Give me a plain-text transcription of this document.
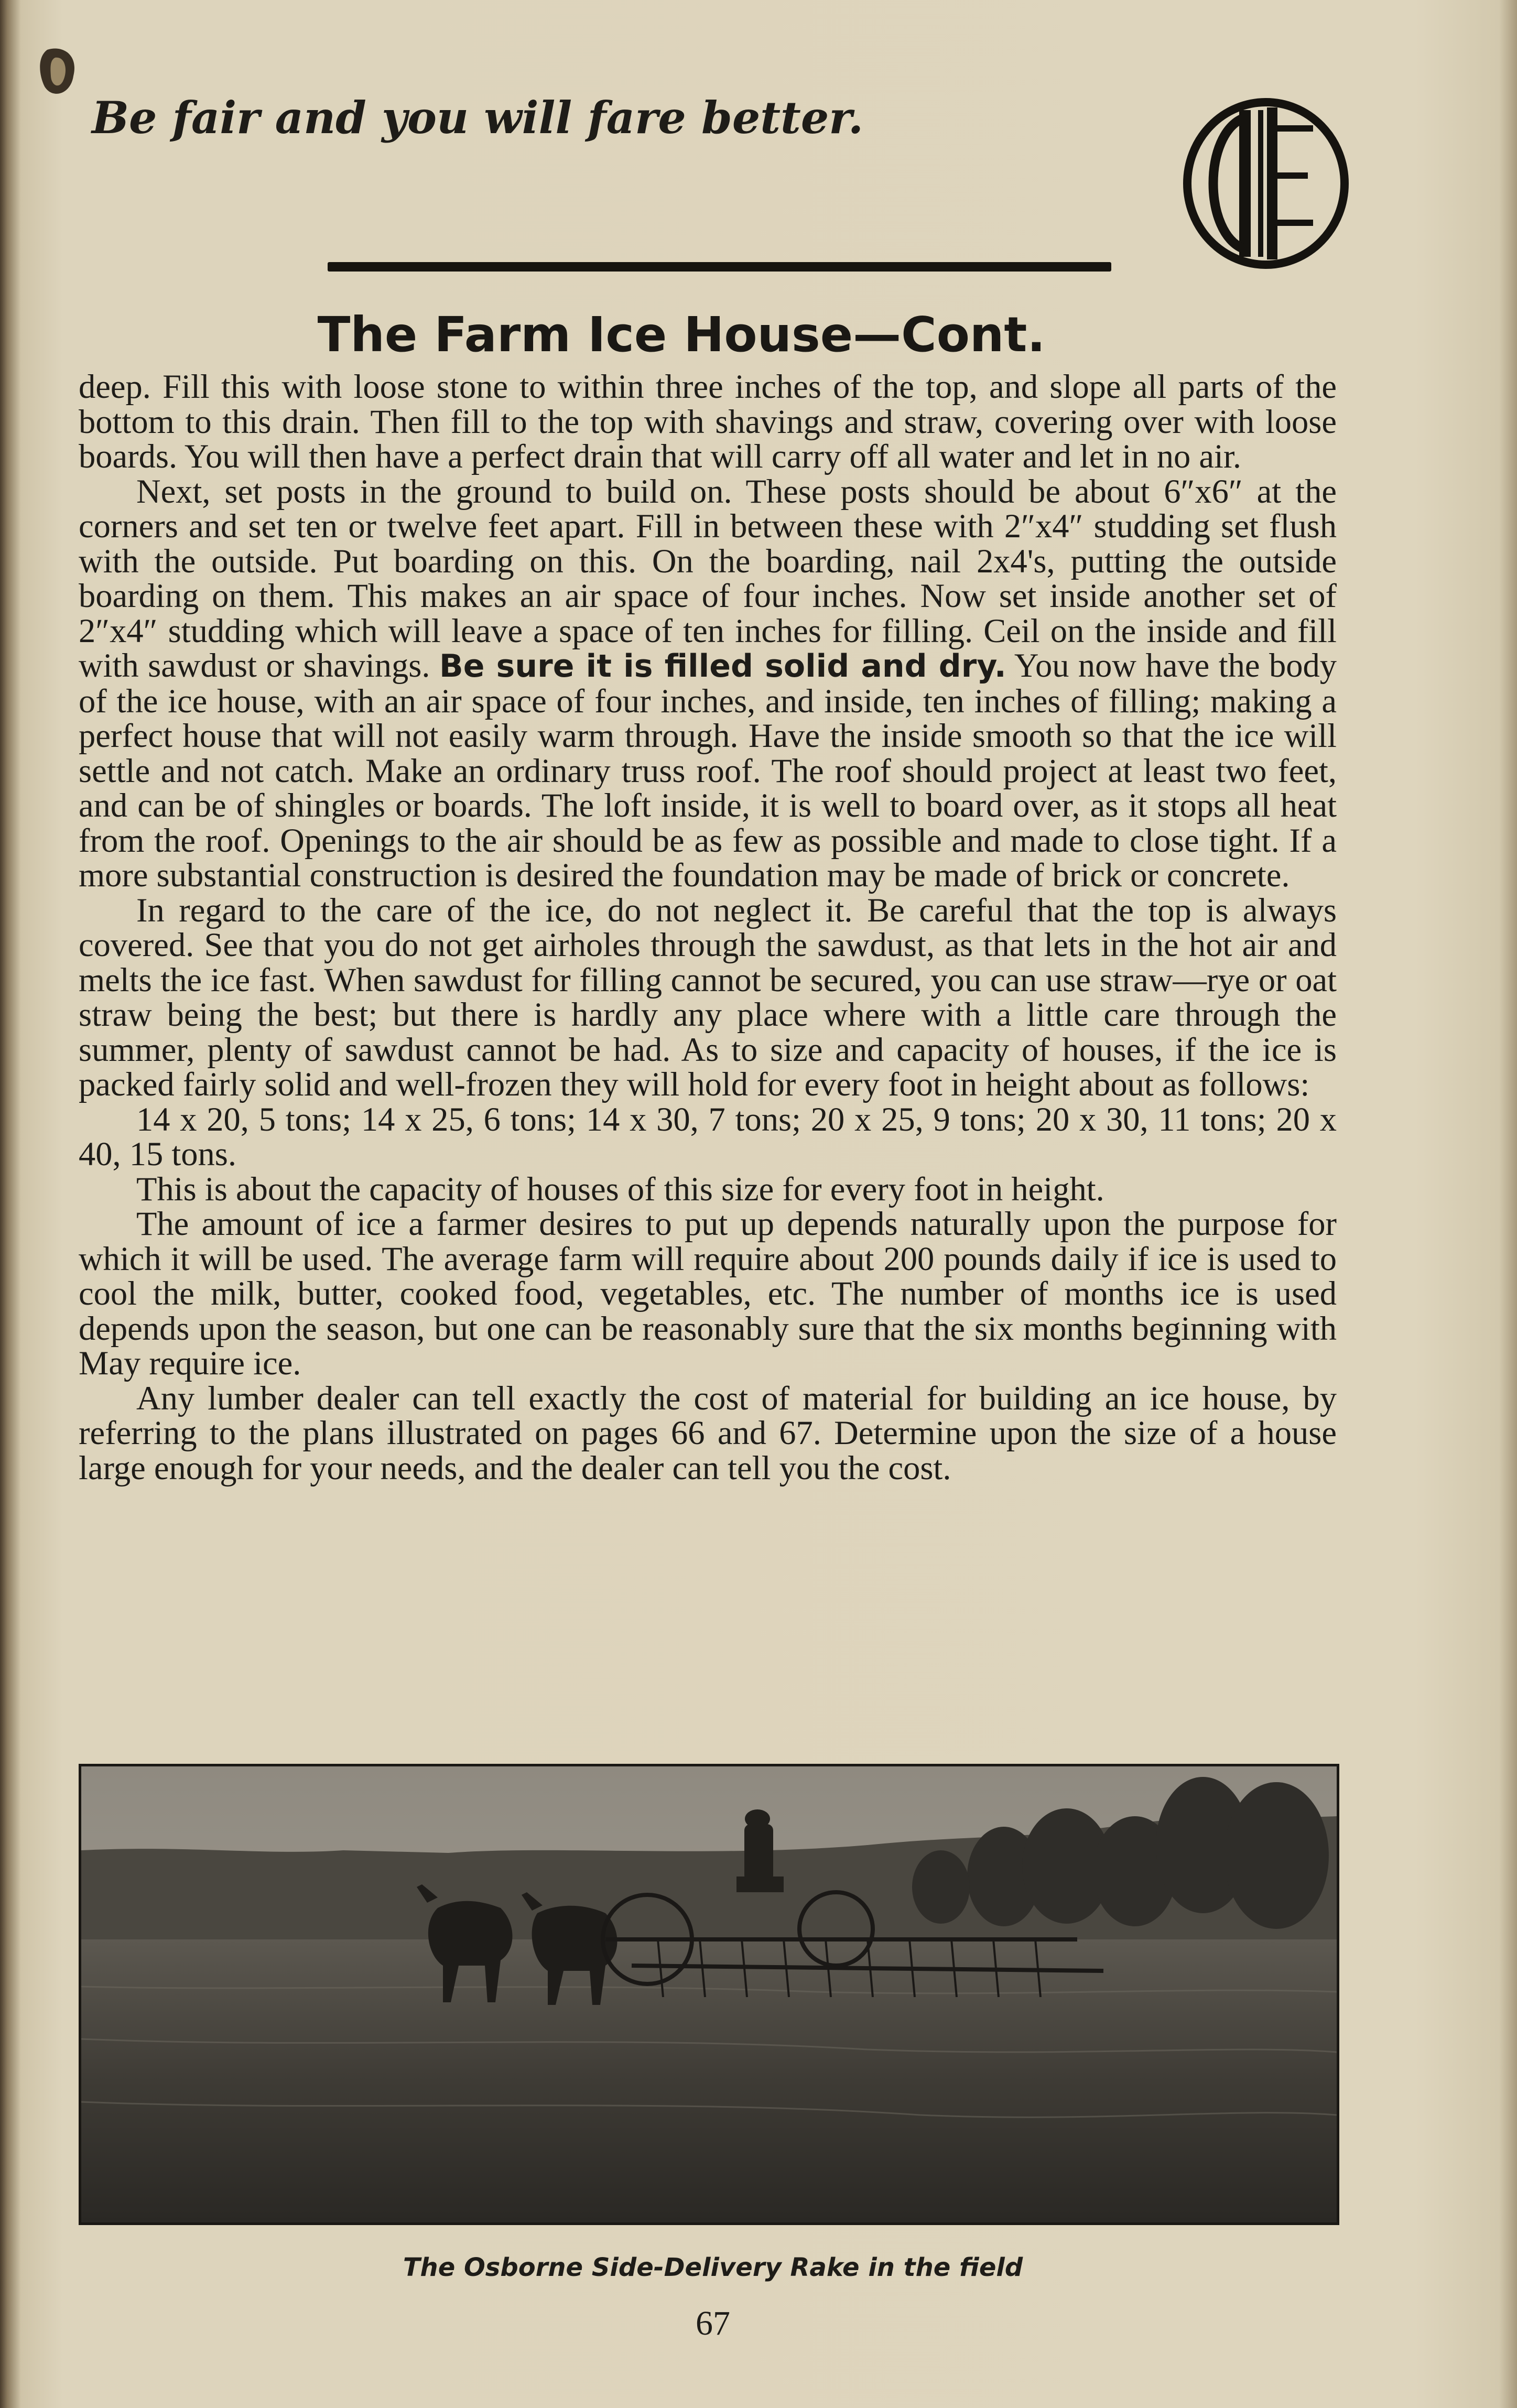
Be fair and you will fare better.
The Farm Ice House—Cont.

deep. Fill this with loose stone to within three inches of the top, and slope all parts of the bottom to this drain. Then fill to the top with shavings and straw, covering over with loose boards. You will then have a perfect drain that will carry off all water and let in no air.

Next, set posts in the ground to build on. These posts should be about 6″x6″ at the corners and set ten or twelve feet apart. Fill in between these with 2″x4″ studding set flush with the outside. Put boarding on this. On the boarding, nail 2x4's, putting the outside boarding on them. This makes an air space of four inches. Now set inside another set of 2″x4″ studding which will leave a space of ten inches for filling. Ceil on the inside and fill with sawdust or shavings. Be sure it is filled solid and dry. You now have the body of the ice house, with an air space of four inches, and inside, ten inches of filling; making a perfect house that will not easily warm through. Have the inside smooth so that the ice will settle and not catch. Make an ordinary truss roof. The roof should project at least two feet, and can be of shingles or boards. The loft inside, it is well to board over, as it stops all heat from the roof. Openings to the air should be as few as possible and made to close tight. If a more substantial construction is desired the foundation may be made of brick or concrete.

In regard to the care of the ice, do not neglect it. Be careful that the top is always covered. See that you do not get airholes through the sawdust, as that lets in the hot air and melts the ice fast. When sawdust for filling cannot be secured, you can use straw—rye or oat straw being the best; but there is hardly any place where with a little care through the summer, plenty of sawdust cannot be had. As to size and capacity of houses, if the ice is packed fairly solid and well-frozen they will hold for every foot in height about as follows:

14 x 20, 5 tons; 14 x 25, 6 tons; 14 x 30, 7 tons; 20 x 25, 9 tons; 20 x 30, 11 tons; 20 x 40, 15 tons.

This is about the capacity of houses of this size for every foot in height.

The amount of ice a farmer desires to put up depends naturally upon the purpose for which it will be used. The average farm will require about 200 pounds daily if ice is used to cool the milk, butter, cooked food, vegetables, etc. The number of months ice is used depends upon the season, but one can be reasonably sure that the six months beginning with May require ice.

Any lumber dealer can tell exactly the cost of material for building an ice house, by referring to the plans illustrated on pages 66 and 67. Determine upon the size of a house large enough for your needs, and the dealer can tell you the cost.

The Osborne Side-Delivery Rake in the field
67
